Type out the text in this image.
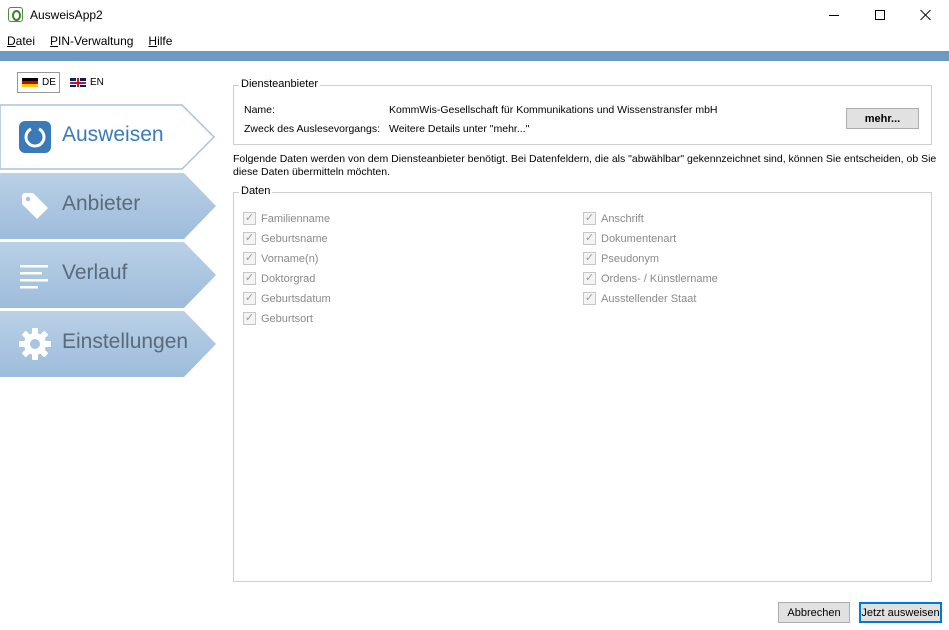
AusweisApp2
Datei	PIN-Verwaltung	Hilfe
DE	EN
Ausweisen
Anbieter
Verlauf
Einstellungen
Diensteanbieter
Name:	KommWis-Gesellschaft für Kommunikations und Wissenstransfer mbH
Zweck des Auslesevorgangs: Weitere Details unter "mehr..."
mehr...
Folgende Daten werden von dem Diensteanbieter benötigt. Bei Datenfeldern, die als "abwählbar" gekennzeichnet sind, können Sie entscheiden, ob Sie diese Daten übermitteln möchten.
Daten
✓ Familienname
✓ Geburtsname
✓ Vorname(n)
✓ Doktorgrad
✓ Geburtsdatum
✓ Geburtsort
✓ Anschrift
✓ Dokumentenart
✓ Pseudonym
✓ Ordens- / Künstlername
✓ Ausstellender Staat
Abbrechen	Jetzt ausweisen
